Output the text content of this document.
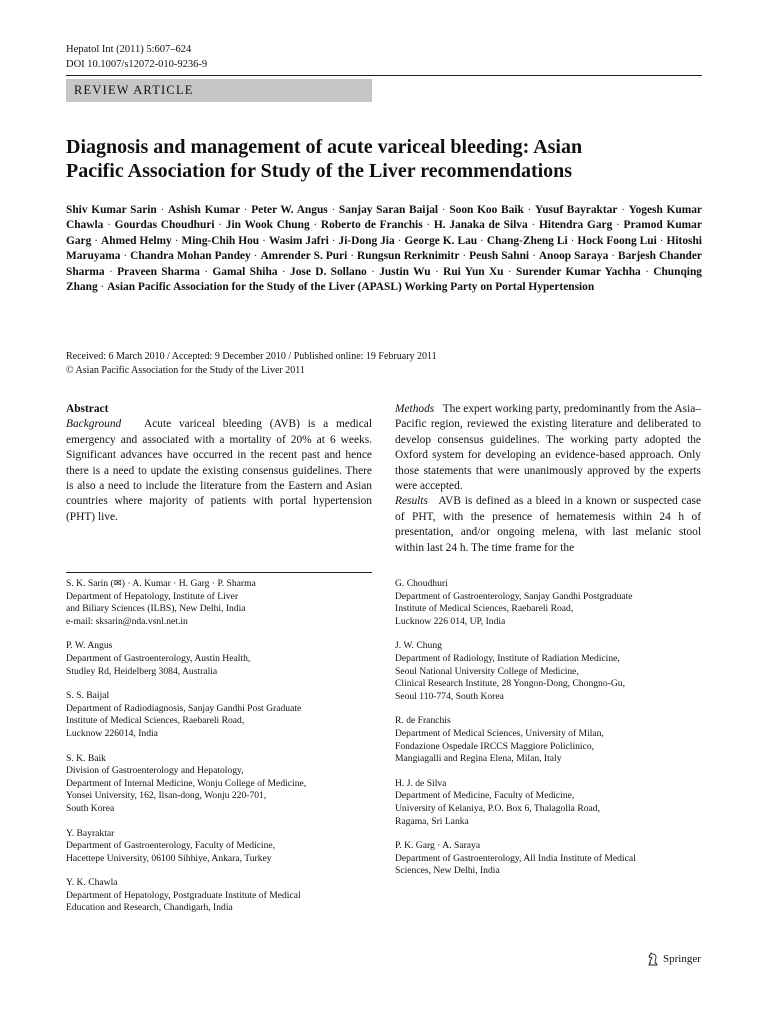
Hepatol Int (2011) 5:607–624
DOI 10.1007/s12072-010-9236-9
REVIEW ARTICLE
Diagnosis and management of acute variceal bleeding: Asian
Pacific Association for Study of the Liver recommendations
Shiv Kumar Sarin · Ashish Kumar · Peter W. Angus · Sanjay Saran Baijal · Soon Koo Baik · Yusuf Bayraktar · Yogesh Kumar Chawla · Gourdas Choudhuri · Jin Wook Chung · Roberto de Franchis · H. Janaka de Silva · Hitendra Garg · Pramod Kumar Garg · Ahmed Helmy · Ming-Chih Hou · Wasim Jafri · Ji-Dong Jia · George K. Lau · Chang-Zheng Li · Hock Foong Lui · Hitoshi Maruyama · Chandra Mohan Pandey · Amrender S. Puri · Rungsun Rerknimitr · Peush Sahni · Anoop Saraya · Barjesh Chander Sharma · Praveen Sharma · Gamal Shiha · Jose D. Sollano · Justin Wu · Rui Yun Xu · Surender Kumar Yachha · Chunqing Zhang · Asian Pacific Association for the Study of the Liver (APASL) Working Party on Portal Hypertension
Received: 6 March 2010 / Accepted: 9 December 2010 / Published online: 19 February 2011
© Asian Pacific Association for the Study of the Liver 2011
Abstract
Background Acute variceal bleeding (AVB) is a medical emergency and associated with a mortality of 20% at 6 weeks. Significant advances have occurred in the recent past and hence there is a need to update the existing consensus guidelines. There is also a need to include the literature from the Eastern and Asian countries where majority of patients with portal hypertension (PHT) live.
Methods The expert working party, predominantly from the Asia–Pacific region, reviewed the existing literature and deliberated to develop consensus guidelines. The working party adopted the Oxford system for developing an evidence-based approach. Only those statements that were unanimously approved by the experts were accepted.
Results AVB is defined as a bleed in a known or suspected case of PHT, with the presence of hematemesis within 24 h of presentation, and/or ongoing melena, with last melanic stool within last 24 h. The time frame for the
S. K. Sarin (✉) · A. Kumar · H. Garg · P. Sharma
Department of Hepatology, Institute of Liver
and Biliary Sciences (ILBS), New Delhi, India
e-mail: sksarin@nda.vsnl.net.in
P. W. Angus
Department of Gastroenterology, Austin Health,
Studley Rd, Heidelberg 3084, Australia
S. S. Baijal
Department of Radiodiagnosis, Sanjay Gandhi Post Graduate
Institute of Medical Sciences, Raebareli Road,
Lucknow 226014, India
S. K. Baik
Division of Gastroenterology and Hepatology,
Department of Internal Medicine, Wonju College of Medicine,
Yonsei University, 162, Ilsan-dong, Wonju 220-701,
South Korea
Y. Bayraktar
Department of Gastroenterology, Faculty of Medicine,
Hacettepe University, 06100 Sihhiye, Ankara, Turkey
Y. K. Chawla
Department of Hepatology, Postgraduate Institute of Medical
Education and Research, Chandigarh, India
G. Choudhuri
Department of Gastroenterology, Sanjay Gandhi Postgraduate
Institute of Medical Sciences, Raebareli Road,
Lucknow 226 014, UP, India
J. W. Chung
Department of Radiology, Institute of Radiation Medicine,
Seoul National University College of Medicine,
Clinical Research Institute, 28 Yongon-Dong, Chongno-Gu,
Seoul 110-774, South Korea
R. de Franchis
Department of Medical Sciences, University of Milan,
Fondazione Ospedale IRCCS Maggiore Policlinico,
Mangiagalli and Regina Elena, Milan, Italy
H. J. de Silva
Department of Medicine, Faculty of Medicine,
University of Kelaniya, P.O. Box 6, Thalagolla Road,
Ragama, Sri Lanka
P. K. Garg · A. Saraya
Department of Gastroenterology, All India Institute of Medical
Sciences, New Delhi, India
Springer
